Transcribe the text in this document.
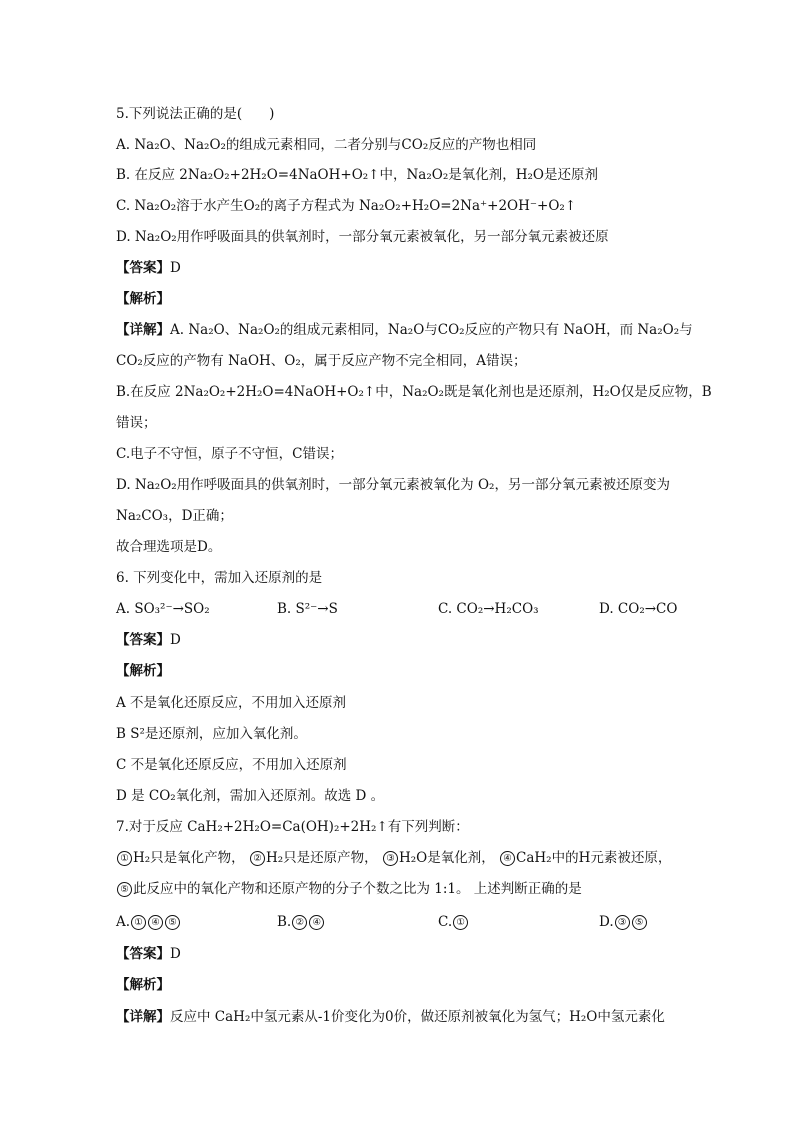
5.下列说法正确的是(　　)
A. Na₂O、Na₂O₂的组成元素相同，二者分别与CO₂反应的产物也相同
B. 在反应 2Na₂O₂+2H₂O=4NaOH+O₂↑中，Na₂O₂是氧化剂，H₂O是还原剂
C. Na₂O₂溶于水产生O₂的离子方程式为 Na₂O₂+H₂O=2Na⁺+2OH⁻+O₂↑
D. Na₂O₂用作呼吸面具的供氧剂时，一部分氧元素被氧化，另一部分氧元素被还原
【答案】D
【解析】
【详解】A. Na₂O、Na₂O₂的组成元素相同，Na₂O与CO₂反应的产物只有 NaOH，而 Na₂O₂与
CO₂反应的产物有 NaOH、O₂，属于反应产物不完全相同，A错误；
B.在反应 2Na₂O₂+2H₂O=4NaOH+O₂↑中，Na₂O₂既是氧化剂也是还原剂，H₂O仅是反应物，B
错误；
C.电子不守恒，原子不守恒，C错误；
D. Na₂O₂用作呼吸面具的供氧剂时，一部分氧元素被氧化为 O₂，另一部分氧元素被还原变为
Na₂CO₃，D正确；
故合理选项是D。
6. 下列变化中，需加入还原剂的是
A. SO₃²⁻→SO₂	B. S²⁻→S	C. CO₂→H₂CO₃	D. CO₂→CO
【答案】D
【解析】
A 不是氧化还原反应，不用加入还原剂
B S²是还原剂，应加入氧化剂。
C 不是氧化还原反应，不用加入还原剂
D 是 CO₂氧化剂，需加入还原剂。故选 D 。
7.对于反应 CaH₂+2H₂O=Ca(OH)₂+2H₂↑有下列判断：
① H₂只是氧化产物， ② H₂只是还原产物， ③ H₂O是氧化剂， ④ CaH₂中的H元素被还原，
⑤ 此反应中的氧化产物和还原产物的分子个数之比为 1:1。 上述判断正确的是
A. ① ④ ⑤	B. ② ④	C. ①	D. ③ ⑤
【答案】D
【解析】
【详解】反应中 CaH₂中氢元素从-1价变化为0价，做还原剂被氧化为氢气；H₂O中氢元素化
